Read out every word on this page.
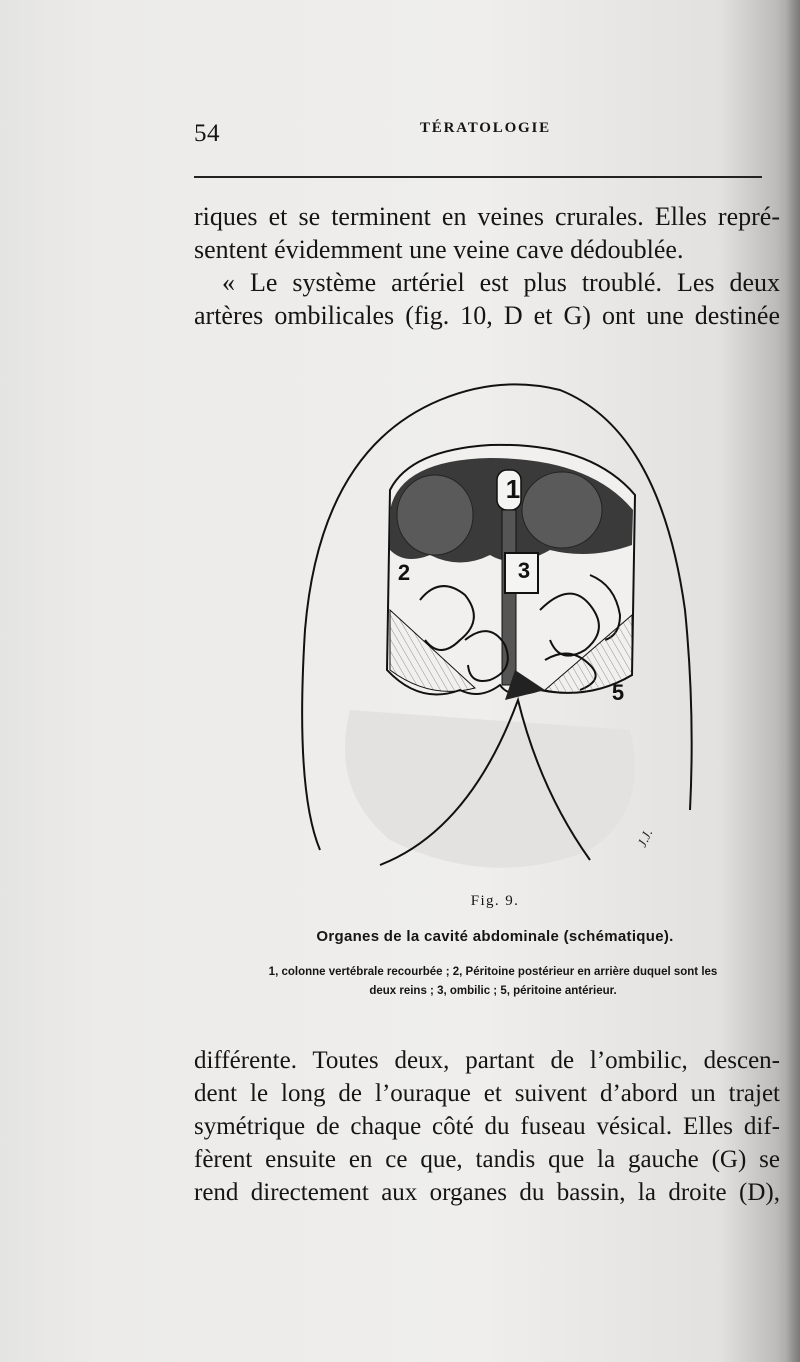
54	TÉRATOLOGIE

riques et se terminent en veines crurales. Elles repré-

sentent évidemment une veine cave dédoublée.

« Le système artériel est plus troublé. Les deux

artères ombilicales (fig. 10, D et G) ont une destinée

1
2	3
5
J.J.
Fig. 9.
Organes de la cavité abdominale (schématique).

1, colonne vertébrale recourbée ; 2, Péritoine postérieur en arrière duquel sont les

deux reins ; 3, ombilic ; 5, péritoine antérieur.

différente. Toutes deux, partant de l’ombilic, descen-

dent le long de l’ouraque et suivent d’abord un trajet

symétrique de chaque côté du fuseau vésical. Elles dif-

fèrent ensuite en ce que, tandis que la gauche (G) se

rend directement aux organes du bassin, la droite (D),
